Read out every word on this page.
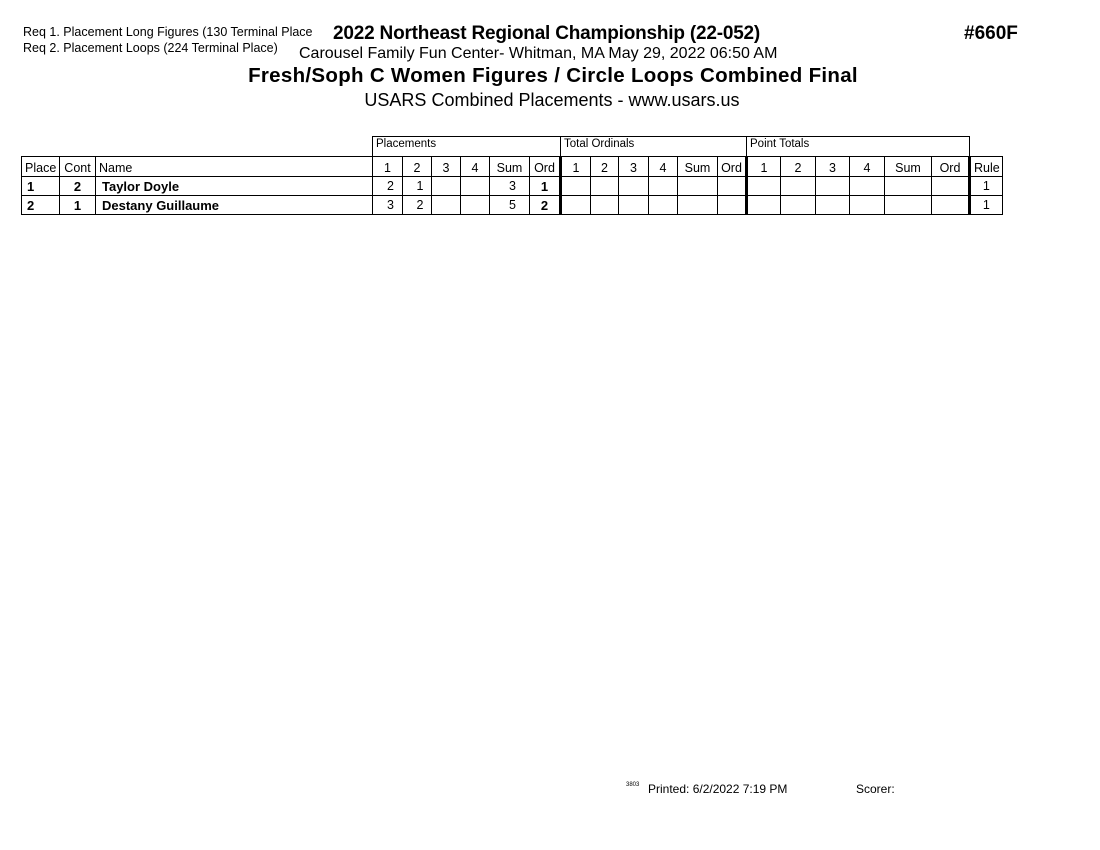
Req 1. Placement Long Figures (130 Terminal Place
Req 2. Placement Loops (224 Terminal Place)
2022 Northeast Regional Championship (22-052)	#660F
Carousel Family Fun Center- Whitman, MA May 29, 2022 06:50 AM
Fresh/Soph C Women Figures / Circle Loops Combined Final
USARS Combined Placements - www.usars.us
			Placements						Total Ordinals						Point Totals						
Place	Cont	Name	1	2	3	4	Sum	Ord	1	2	3	4	Sum	Ord	1	2	3	4	Sum	Ord	Rule
1	2	Taylor Doyle	2	1			3	1													1
2	1	Destany Guillaume	3	2			5	2													1
3803 Printed: 6/2/2022 7:19 PM	Scorer:
